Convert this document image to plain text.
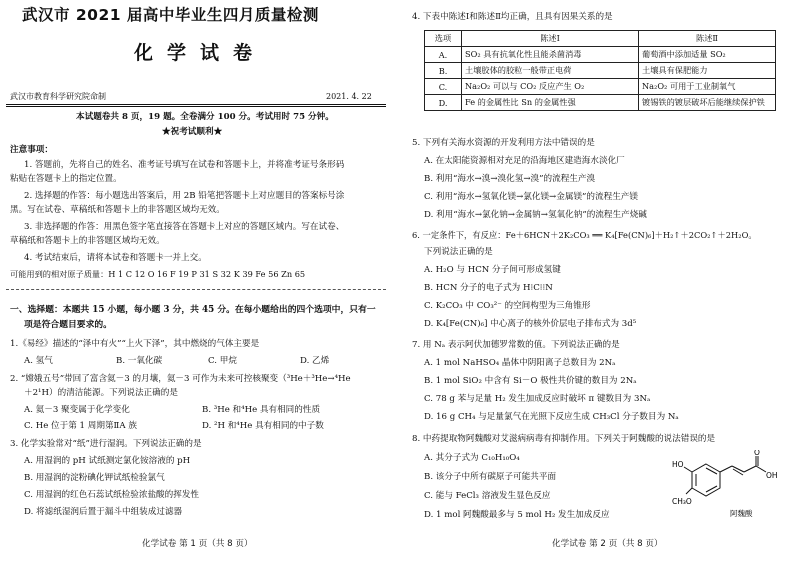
武汉市 2021 届高中毕业生四月质量检测
化学试卷
武汉市教育科学研究院命制	2021. 4. 22
本试题卷共 8 页，19 题。全卷满分 100 分。考试用时 75 分钟。
★祝考试顺利★
注意事项：
1. 答题前，先将自己的姓名、准考证号填写在试卷和答题卡上，并将准考证号条形码
粘贴在答题卡上的指定位置。
2. 选择题的作答：每小题选出答案后，用 2B 铅笔把答题卡上对应题目的答案标号涂
黑。写在试卷、草稿纸和答题卡上的非答题区域均无效。
3. 非选择题的作答：用黑色签字笔直接答在答题卡上对应的答题区域内。写在试卷、
草稿纸和答题卡上的非答题区域均无效。
4. 考试结束后，请将本试卷和答题卡一并上交。
可能用到的相对原子质量：H 1 C 12 O 16 F 19 P 31 S 32 K 39 Fe 56 Zn 65
一、选择题：本题共 15 小题，每小题 3 分，共 45 分。在每小题给出的四个选项中，只有一
项是符合题目要求的。
1.《易经》描述的“泽中有火”“上火下泽”，其中燃烧的气体主要是
A. 氢气	B. 一氧化碳	C. 甲烷	D. 乙烯
2. “嫦娥五号”带回了富含氦－3 的月壤，氦－3 可作为未来可控核聚变（³He＋³He→⁴He
＋2¹H）的清洁能源。下列说法正确的是
A. 氦－3 聚变属于化学变化	B. ³He 和⁴He 具有相同的性质
C. He 位于第 1 周期第ⅡA 族	D. ²H 和⁴He 具有相同的中子数
3. 化学实验常对“纸”进行湿润。下列说法正确的是
A. 用湿润的 pH 试纸测定氯化铵溶液的 pH
B. 用湿润的淀粉碘化钾试纸检验氯气
C. 用湿润的红色石蕊试纸检验浓盐酸的挥发性
D. 将滤纸湿润后置于漏斗中组装成过滤器
化学试卷 第 1 页（共 8 页）
4. 下表中陈述Ⅰ和陈述Ⅱ均正确，且具有因果关系的是
选项	陈述Ⅰ	陈述Ⅱ
A.	SO₂ 具有抗氧化性且能杀菌消毒	葡萄酒中添加适量 SO₂
B.	土壤胶体的胶粒一般带正电荷	土壤具有保肥能力
C.	Na₂O₂ 可以与 CO₂ 反应产生 O₂	Na₂O₂ 可用于工业制氧气
D.	Fe 的金属性比 Sn 的金属性强	镀锡铁的镀层破坏后能继续保护铁
5. 下列有关海水资源的开发利用方法中错误的是
A. 在太阳能资源相对充足的沿海地区建造海水淡化厂
B. 利用“海水→溴→溴化氢→溴”的流程生产溴
C. 利用“海水→氢氧化镁→氯化镁→金属镁”的流程生产镁
D. 利用“海水→氯化钠→金属钠→氢氧化钠”的流程生产烧碱
6. 一定条件下，有反应：Fe＋6HCN＋2K₂CO₃ ══ K₄[Fe(CN)₆]＋H₂↑＋2CO₂↑＋2H₂O。
下列说法正确的是
A. H₂O 与 HCN 分子间可形成氢键
B. HCN 分子的电子式为 H⁝C⁝⁝N
C. K₂CO₃ 中 CO₃²⁻ 的空间构型为三角锥形
D. K₄[Fe(CN)₆] 中心离子的核外价层电子排布式为 3d⁵
7. 用 Nₐ 表示阿伏加德罗常数的值。下列说法正确的是
A. 1 mol NaHSO₄ 晶体中阴阳离子总数目为 2Nₐ
B. 1 mol SiO₂ 中含有 Si－O 极性共价键的数目为 2Nₐ
C. 78 g 苯与足量 H₂ 发生加成反应时破坏 π 键数目为 3Nₐ
D. 16 g CH₄ 与足量氯气在光照下反应生成 CH₃Cl 分子数目为 Nₐ
8. 中药提取物阿魏酸对艾滋病病毒有抑制作用。下列关于阿魏酸的说法错误的是
A. 其分子式为 C₁₀H₁₀O₄
B. 该分子中所有碳原子可能共平面
C. 能与 FeCl₃ 溶液发生显色反应
D. 1 mol 阿魏酸最多与 5 mol H₂ 发生加成反应
HO
CH₃O
O
OH
阿魏酸
化学试卷 第 2 页（共 8 页）
